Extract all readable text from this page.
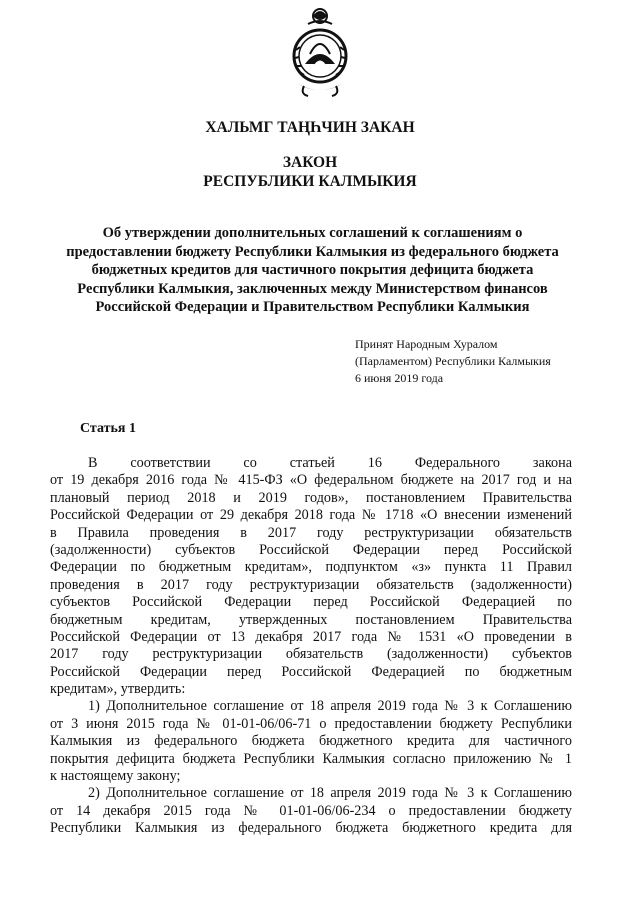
ХАЛЬМГ ТАҢҺЧИН ЗАКАН
ЗАКОН
РЕСПУБЛИКИ КАЛМЫКИЯ
Об утверждении дополнительных соглашений к соглашениям о
предоставлении бюджету Республики Калмыкия из федерального бюджета
бюджетных кредитов для частичного покрытия дефицита бюджета
Республики Калмыкия, заключенных между Министерством финансов
Российской Федерации и Правительством Республики Калмыкия
Принят Народным Хуралом
(Парламентом) Республики Калмыкия
6 июня 2019 года
Статья 1
В соответствии со статьей 16 Федерального закона
от 19 декабря 2016 года № 415-ФЗ «О федеральном бюджете на 2017 год и на
плановый период 2018 и 2019 годов», постановлением Правительства
Российской Федерации от 29 декабря 2018 года № 1718 «О внесении изменений
в Правила проведения в 2017 году реструктуризации обязательств
(задолженности) субъектов Российской Федерации перед Российской
Федерации по бюджетным кредитам», подпунктом «з» пункта 11 Правил
проведения в 2017 году реструктуризации обязательств (задолженности)
субъектов Российской Федерации перед Российской Федерацией по
бюджетным кредитам, утвержденных постановлением Правительства
Российской Федерации от 13 декабря 2017 года № 1531 «О проведении в
2017 году реструктуризации обязательств (задолженности) субъектов
Российской Федерации перед Российской Федерацией по бюджетным
кредитам», утвердить:
1) Дополнительное соглашение от 18 апреля 2019 года № 3 к Соглашению
от 3 июня 2015 года № 01-01-06/06-71 о предоставлении бюджету Республики
Калмыкия из федерального бюджета бюджетного кредита для частичного
покрытия дефицита бюджета Республики Калмыкия согласно приложению № 1
к настоящему закону;
2) Дополнительное соглашение от 18 апреля 2019 года № 3 к Соглашению
от 14 декабря 2015 года № 01-01-06/06-234 о предоставлении бюджету
Республики Калмыкия из федерального бюджета бюджетного кредита для
